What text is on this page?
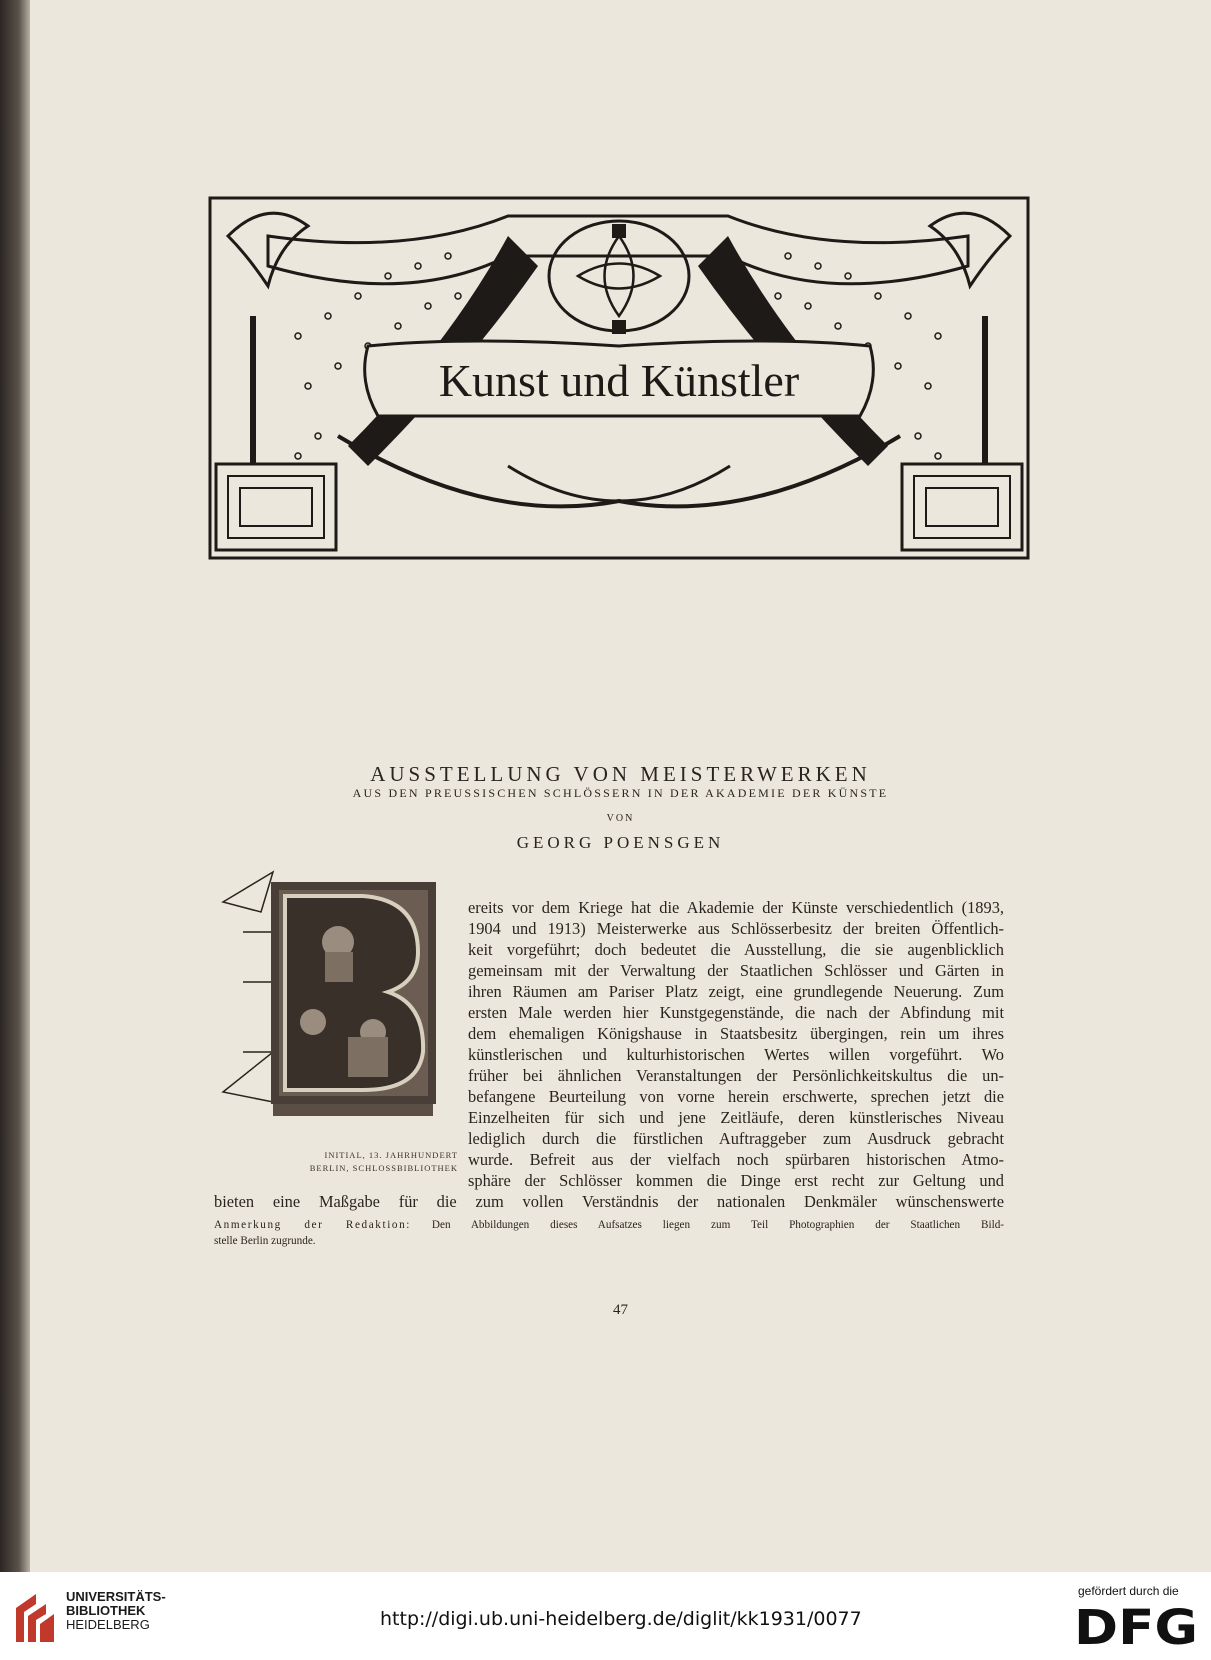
Kunst und Künstler
AUSSTELLUNG VON MEISTERWERKEN
AUS DEN PREUSSISCHEN SCHLÖSSERN IN DER AKADEMIE DER KÜNSTE
VON
GEORG POENSGEN
INITIAL, 13. JAHRHUNDERT
BERLIN, SCHLOSSBIBLIOTHEK
ereits vor dem Kriege hat die Akademie der Künste verschiedentlich (1893,
1904 und 1913) Meisterwerke aus Schlösserbesitz der breiten Öffentlich-
keit vorgeführt; doch bedeutet die Ausstellung, die sie augenblicklich
gemeinsam mit der Verwaltung der Staatlichen Schlösser und Gärten in
ihren Räumen am Pariser Platz zeigt, eine grundlegende Neuerung. Zum
ersten Male werden hier Kunstgegenstände, die nach der Abfindung mit
dem ehemaligen Königshause in Staatsbesitz übergingen, rein um ihres
künstlerischen und kulturhistorischen Wertes willen vorgeführt. Wo
früher bei ähnlichen Veranstaltungen der Persönlichkeitskultus die un-
befangene Beurteilung von vorne herein erschwerte, sprechen jetzt die
Einzelheiten für sich und jene Zeitläufe, deren künstlerisches Niveau
lediglich durch die fürstlichen Auftraggeber zum Ausdruck gebracht
wurde. Befreit aus der vielfach noch spürbaren historischen Atmo-
sphäre der Schlösser kommen die Dinge erst recht zur Geltung und
bieten eine Maßgabe für die zum vollen Verständnis der nationalen Denkmäler wünschenswerte
Anmerkung der Redaktion: Den Abbildungen dieses Aufsatzes liegen zum Teil Photographien der Staatlichen Bild-
stelle Berlin zugrunde.
47
UNIVERSITÄTS-
BIBLIOTHEK
HEIDELBERG	http://digi.ub.uni-heidelberg.de/diglit/kk1931/0077
gefördert durch die
DFG
